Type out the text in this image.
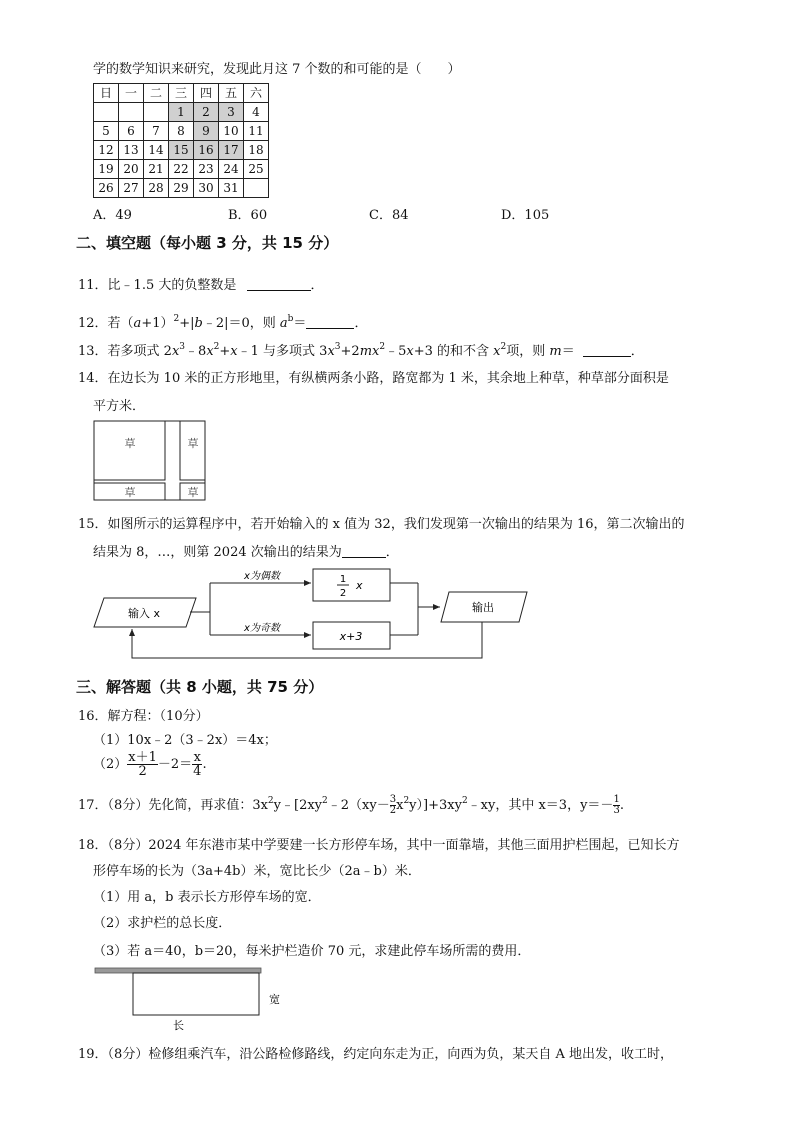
学的数学知识来研究，发现此月这 7 个数的和可能的是（　　）
日	一	二	三	四	五	六
			1	2	3	4
5	6	7	8	9	10	11
12	13	14	15	16	17	18
19	20	21	22	23	24	25
26	27	28	29	30	31	
A．49	B．60	C．84	D．105
二、填空题（每小题 3 分，共 15 分）
11．比﹣1.5 大的负整数是	．
12．若$(a+1)^2+|b﹣2|=0$，则 $a^b=$	．
13．若多项式 $2x^3﹣8x^2+x﹣1$ 与多项式 $3x^3+2mx^2﹣5x+3$ 的和不含 $x^2$项，则 m＝	．
14．在边长为 10 米的正方形地里，有纵横两条小路，路宽都为 1 米，其余地上种草，种草部分面积是
平方米．
草	草
草	草
15．如图所示的运算程序中，若开始输入的 x 值为 32，我们发现第一次输出的结果为 16，第二次输出的
结果为 8，…，则第 2024 次输出的结果为	．
输入 x
x为偶数
x为奇数
1
2
x
x+3
输出
三、解答题（共 8 小题，共 75 分）
16．解方程：（10分）
（1）10x﹣2（3﹣2x）＝4x；
$(2) \frac{x+1}{2} -2= \frac{x}{4}$ .
17．（8分）先化简，再求值：$3x^2y﹣[2xy^2﹣2(xy- \frac{3}{2}$ $x^2y)]+3xy^2﹣xy$，其中 x＝3，$y=- \frac{1}{3}$ .
18．（8分）2024 年东港市某中学要建一长方形停车场，其中一面靠墙，其他三面用护栏围起，已知长方
形停车场的长为（3a+4b）米，宽比长少（2a﹣b）米．
（1）用 a，b 表示长方形停车场的宽．
（2）求护栏的总长度．
（3）若 a＝40，b＝20，每米护栏造价 70 元，求建此停车场所需的费用．
宽
长
19．（8分）检修组乘汽车，沿公路检修路线，约定向东走为正，向西为负，某天自 A 地出发，收工时，
